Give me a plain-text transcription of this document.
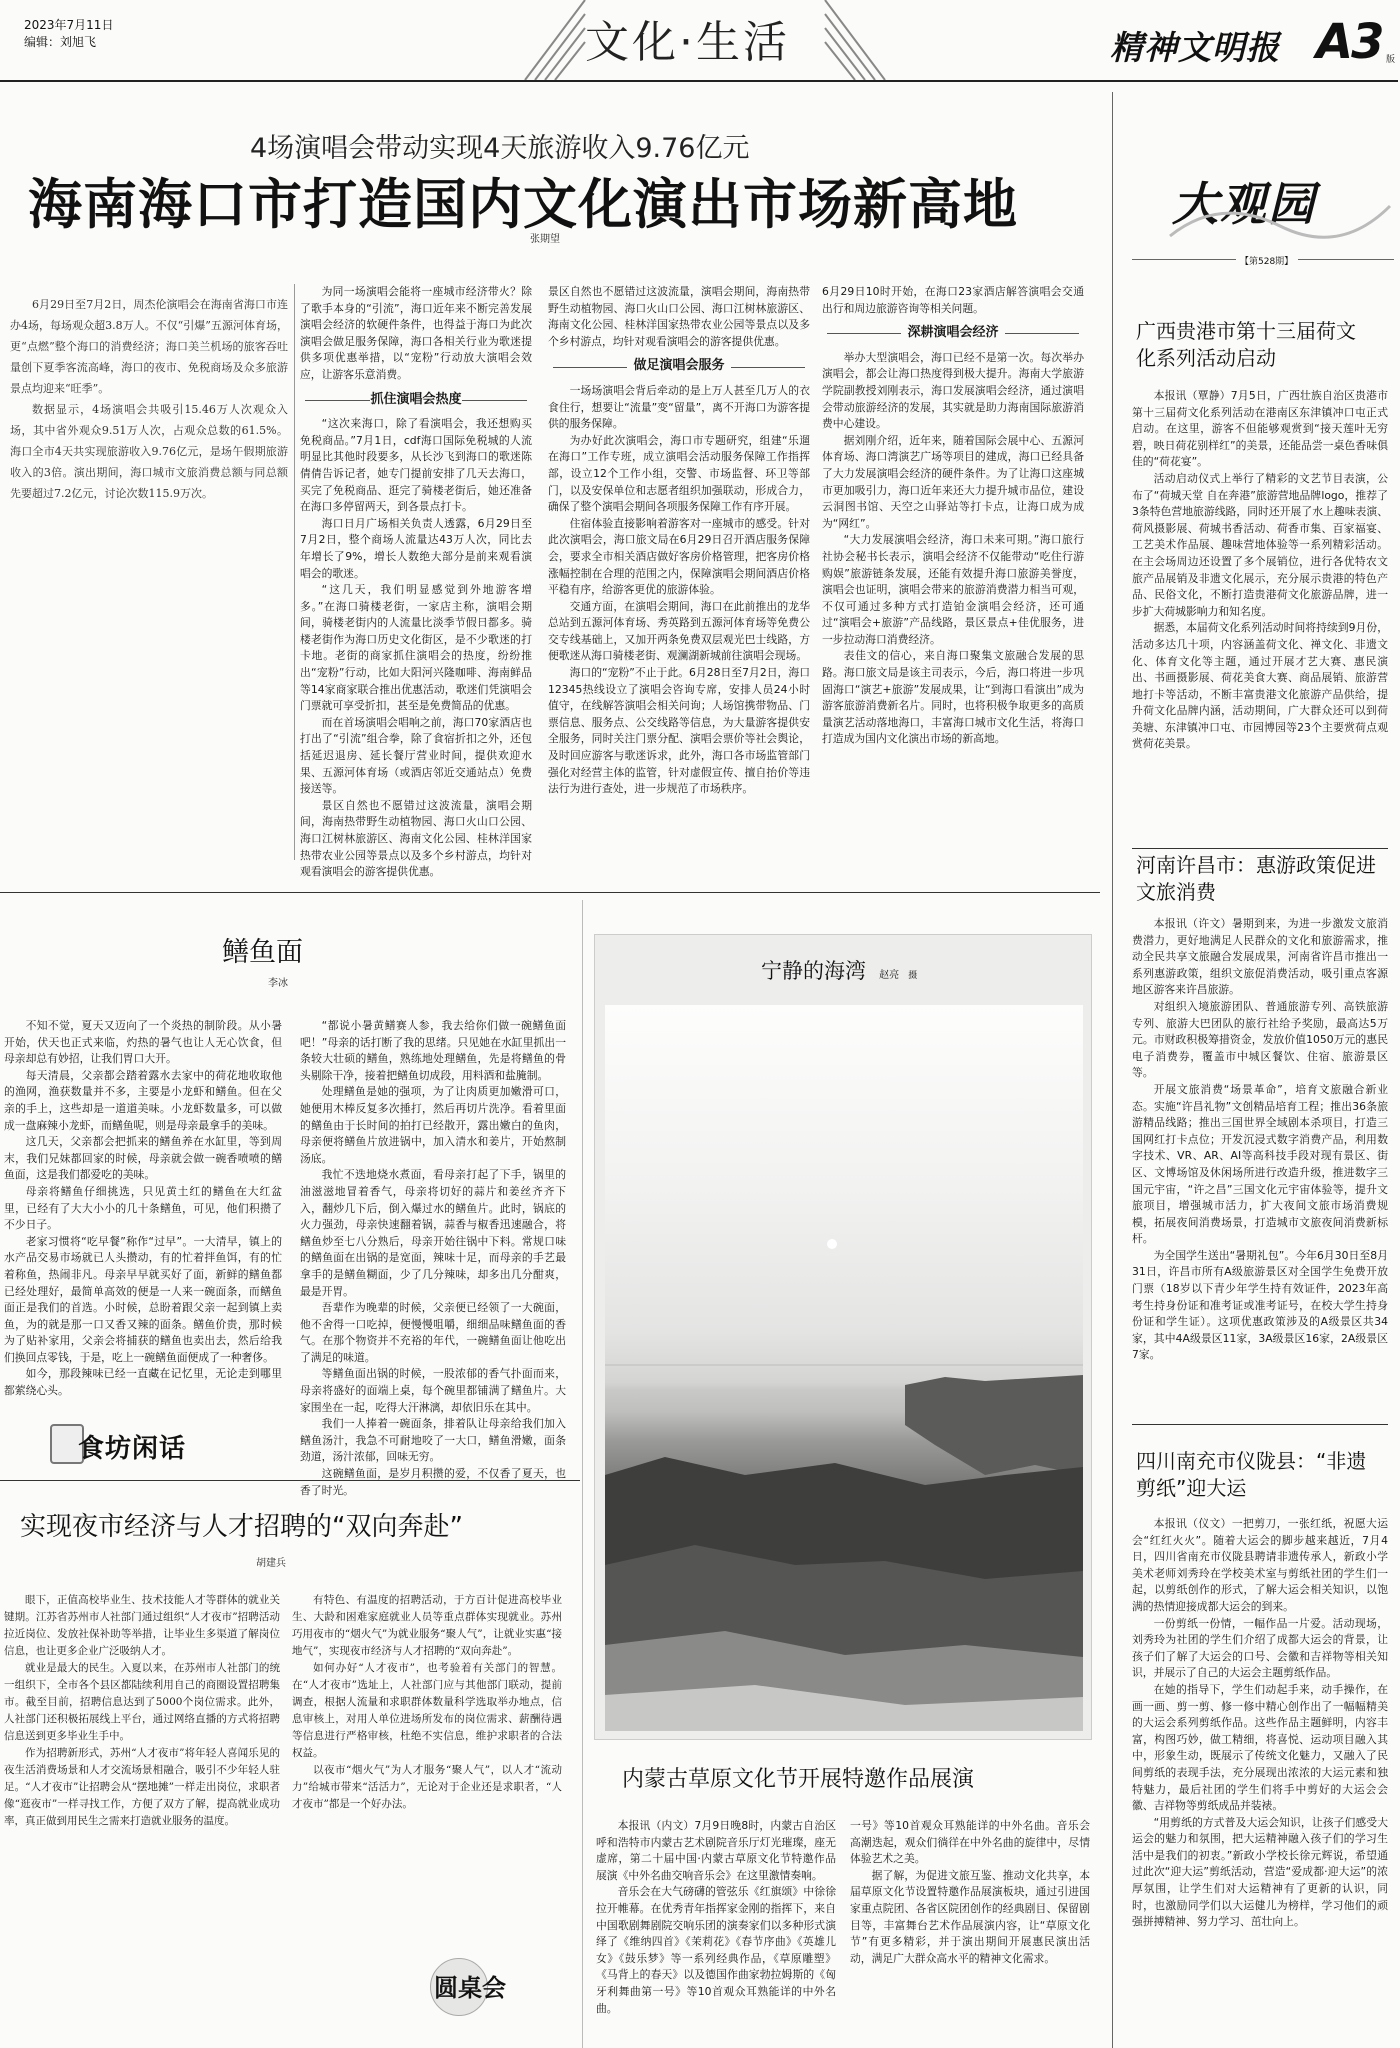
2023年7月11日
编辑：刘旭飞	文化·生活	精神文明报 A3 版
4场演唱会带动实现4天旅游收入9.76亿元
海南海口市打造国内文化演出市场新高地
张期望

6月29日至7月2日，周杰伦演唱会在海南省海口市连办4场，每场观众超3.8万人。不仅“引爆”五源河体育场，更“点燃”整个海口的消费经济；海口美兰机场的旅客吞吐量创下夏季客流高峰，海口的夜市、免税商场及众多旅游景点均迎来“旺季”。

数据显示，4场演唱会共吸引15.46万人次观众入场，其中省外观众9.51万人次，占观众总数的61.5%。海口全市4天共实现旅游收入9.76亿元，是场午假期旅游收入的3倍。演出期间，海口城市文旅消费总额与同总额先要超过7.2亿元，讨论次数115.9万次。

为同一场演唱会能将一座城市经济带火？除了歌手本身的“引流”，海口近年来不断完善发展演唱会经济的软硬件条件，也得益于海口为此次演唱会做足服务保障，海口各相关行业为歌迷提供多项优惠举措，以“宠粉”行动放大演唱会效应，让游客乐意消费。

抓住演唱会热度

“这次来海口，除了看演唱会，我还想购买免税商品。”7月1日，cdf海口国际免税城的人流明显比其他时段要多，从长沙飞到海口的歌迷陈倩倩告诉记者，她专门提前安排了几天去海口，买完了免税商品、逛完了骑楼老街后，她还准备在海口多停留两天，到各景点打卡。

海口日月广场相关负责人透露，6月29日至7月2日，整个商场人流量达43万人次，同比去年增长了9%，增长人数绝大部分是前来观看演唱会的歌迷。

“这几天，我们明显感觉到外地游客增多。”在海口骑楼老街，一家店主称，演唱会期间，骑楼老街内的人流量比淡季节假日都多。骑楼老街作为海口历史文化街区，是不少歌迷的打卡地。老街的商家抓住演唱会的热度，纷纷推出“宠粉”行动，比如大阳河兴隆咖啡、海南鲜品等14家商家联合推出优惠活动，歌迷们凭演唱会门票就可享受折扣，甚至是免费简品的优惠。

而在首场演唱会唱响之前，海口70家酒店也打出了“引流”组合拳，除了食宿折扣之外，还包括延迟退房、延长餐厅营业时间，提供欢迎水果、五源河体育场（或酒店邻近交通站点）免费接送等。

景区自然也不愿错过这波流量，演唱会期间，海南热带野生动植物园、海口火山口公园、海口江树林旅游区、海南文化公园、桂林洋国家热带农业公园等景点以及多个乡村游点，均针对观看演唱会的游客提供优惠。

景区自然也不愿错过这波流量，演唱会期间，海南热带野生动植物园、海口火山口公园、海口江树林旅游区、海南文化公园、桂林洋国家热带农业公园等景点以及多个乡村游点，均针对观看演唱会的游客提供优惠。

做足演唱会服务

一场场演唱会背后牵动的是上万人甚至几万人的衣食住行，想要让“流量”变“留量”，离不开海口为游客提供的服务保障。

为办好此次演唱会，海口市专题研究，组建“乐遛在海口”工作专班，成立演唱会活动服务保障工作指挥部，设立12个工作小组，交警、市场监督、环卫等部门，以及安保单位和志愿者组织加强联动，形成合力，确保了整个演唱会期间各项服务保障工作有序开展。

住宿体验直接影响着游客对一座城市的感受。针对此次演唱会，海口旅文局在6月29日召开酒店服务保障会，要求全市相关酒店做好客房价格管理，把客房价格涨幅控制在合理的范围之内，保障演唱会期间酒店价格平稳有序，给游客更优的旅游体验。

交通方面，在演唱会期间，海口在此前推出的龙华总站到五源河体育场、秀英路到五源河体育场等免费公交专线基础上，又加开两条免费双层观光巴士线路，方便歌迷从海口骑楼老街、观澜湖新城前往演唱会现场。

海口的“宠粉”不止于此。6月28日至7月2日，海口12345热线设立了演唱会咨询专席，安排人员24小时值守，在线解答演唱会相关问询；人场馆携带物品、门票信息、服务点、公交线路等信息，为大量游客提供安全服务，同时关注门票分配、演唱会票价等社会舆论，及时回应游客与歌迷诉求，此外，海口各市场监管部门强化对经营主体的监管，针对虚假宣传、擅自抬价等违法行为进行查处，进一步规范了市场秩序。

6月29日10时开始，在海口23家酒店解答演唱会交通出行和周边旅游咨询等相关问题。

深耕演唱会经济

举办大型演唱会，海口已经不是第一次。每次举办演唱会，都会让海口热度得到极大提升。海南大学旅游学院副教授刘刚表示，海口发展演唱会经济，通过演唱会带动旅游经济的发展，其实就是助力海南国际旅游消费中心建设。

据刘刚介绍，近年来，随着国际会展中心、五源河体育场、海口湾演艺广场等项目的建成，海口已经具备了大力发展演唱会经济的硬件条件。为了让海口这座城市更加吸引力，海口近年来还大力提升城市品位，建设云洞图书馆、天空之山驿站等打卡点，让海口成为成为“网红”。

“大力发展演唱会经济，海口未来可期。”海口旅行社协会秘书长表示，演唱会经济不仅能带动“吃住行游购娱”旅游链条发展，还能有效提升海口旅游美誉度，演唱会也证明，演唱会带来的旅游消费潜力相当可观，不仅可通过多种方式打造铂金演唱会经济，还可通过“演唱会+旅游”产品线路，景区景点+佳优服务，进一步拉动海口消费经济。

表佳文的信心，来自海口聚集文旅融合发展的思路。海口旅文局是该主司表示，今后，海口将进一步巩固海口“演艺+旅游”发展成果，让“到海口看演出”成为游客旅游消费新名片。同时，也将积极争取更多的高质量演艺活动落地海口，丰富海口城市文化生活，将海口打造成为国内文化演出市场的新高地。

大观园
【第528期】
广西贵港市第十三届荷文化系列活动启动

本报讯（覃静）7月5日，广西壮族自治区贵港市第十三届荷文化系列活动在港南区东津镇冲口屯正式启动。在这里，游客不但能够观赏到“接天莲叶无穷碧，映日荷花别样红”的美景，还能品尝一桌色香味俱佳的“荷花宴”。

活动启动仪式上举行了精彩的文艺节目表演，公布了“荷城天堂 自在奔港”旅游营地品牌logo，推荐了3条特色营地旅游线路，同时还开展了水上趣味表演、荷风摄影展、荷城书香活动、荷香市集、百家福宴、工艺美术作品展、趣味营地体验等一系列精彩活动。在主会场周边还设置了多个展销位，进行各优特农文旅产品展销及非遗文化展示，充分展示贵港的特色产品、民俗文化，不断打造贵港荷文化旅游品牌，进一步扩大荷城影响力和知名度。

据悉，本届荷文化系列活动时间将持续到9月份，活动多达几十项，内容涵盖荷文化、禅文化、非遗文化、体育文化等主题，通过开展才艺大赛、惠民演出、书画摄影展、荷花美食大赛、商品展销、旅游营地打卡等活动，不断丰富贵港文化旅游产品供给，提升荷文化品牌内涵，活动期间，广大群众还可以到荷美塘、东津镇冲口屯、市园博园等23个主要赏荷点观赏荷花美景。

河南许昌市：惠游政策促进文旅消费

本报讯（许文）暑期到来，为进一步激发文旅消费潜力，更好地满足人民群众的文化和旅游需求，推动全民共享文旅融合发展成果，河南省许昌市推出一系列惠游政策，组织文旅促消费活动，吸引重点客源地区游客来许昌旅游。

对组织入境旅游团队、普通旅游专列、高铁旅游专列、旅游大巴团队的旅行社给予奖励，最高达5万元。市财政积极筹措资金，发放价值1050万元的惠民电子消费券，覆盖市中城区餐饮、住宿、旅游景区等。

开展文旅消费“场景革命”，培育文旅融合新业态。实施“许昌礼物”文创精品培育工程；推出36条旅游精品线路；推出三国世界全域剧本杀项目，打造三国网红打卡点位；开发沉浸式数字消费产品，利用数字技术、VR、AR、AI等高科技手段对现有景区、街区、文博场馆及休闲场所进行改造升级，推进数字三国元宇宙，“许之昌”三国文化元宇宙体验等，提升文旅项目，增强城市活力，扩大夜间文旅市场消费规模，拓展夜间消费场景，打造城市文旅夜间消费新标杆。

为全国学生送出“暑期礼包”。今年6月30日至8月31日，许昌市所有A级旅游景区对全国学生免费开放门票（18岁以下青少年学生持有效证件，2023年高考生持身份证和准考证或准考证号，在校大学生持身份证和学生证）。这项优惠政策涉及的A级景区共34家，其中4A级景区11家，3A级景区16家，2A级景区7家。

四川南充市仪陇县：“非遗剪纸”迎大运

本报讯（仪文）一把剪刀，一张红纸，祝愿大运会“红红火火”。随着大运会的脚步越来越近，7月4日，四川省南充市仪陇县聘请非遗传承人，新政小学美术老师刘秀玲在学校美术室与剪纸社团的学生们一起，以剪纸创作的形式，了解大运会相关知识，以饱满的热情迎接成都大运会的到来。

一份剪纸一份情，一幅作品一片爱。活动现场，刘秀玲为社团的学生们介绍了成都大运会的背景，让孩子们了解了大运会的口号、会徽和吉祥物等相关知识，并展示了自己的大运会主题剪纸作品。

在她的指导下，学生们动起手来，动手操作，在画一画、剪一剪、修一修中精心创作出了一幅幅精美的大运会系列剪纸作品。这些作品主题鲜明，内容丰富，构图巧妙，做工精细，将喜悦、运动项目融入其中，形象生动，既展示了传统文化魅力，又融入了民间剪纸的表现手法，充分展现出浓浓的大运元素和独特魅力，最后社团的学生们将手中剪好的大运会会徽、吉祥物等剪纸成品并装裱。

“用剪纸的方式普及大运会知识，让孩子们感受大运会的魅力和氛围，把大运精神融入孩子们的学习生活中是我们的初衷。”新政小学校长徐元辉说，希望通过此次“迎大运”剪纸活动，营造“爱成都·迎大运”的浓厚氛围，让学生们对大运精神有了更新的认识，同时，也激励同学们以大运健儿为榜样，学习他们的顽强拼搏精神、努力学习、茁壮向上。

鳝鱼面
李冰

不知不觉，夏天又迈向了一个炎热的制阶段。从小暑开始，伏天也正式来临，灼热的暑气也让人无心饮食，但母亲却总有妙招，让我们胃口大开。

每天清晨，父亲都会踏着露水去家中的荷花地收取他的渔网，渔获数量并不多，主要是小龙虾和鳝鱼。但在父亲的手上，这些却是一道道美味。小龙虾数量多，可以做成一盘麻辣小龙虾，而鳝鱼呢，则是母亲最拿手的美味。

这几天，父亲都会把抓来的鳝鱼养在水缸里，等到周末，我们兄妹都回家的时候，母亲就会做一碗香喷喷的鳝鱼面，这是我们都爱吃的美味。

母亲将鳝鱼仔细挑选，只见黄土红的鳝鱼在大红盆里，已经有了大大小小的几十条鳝鱼，可见，他们积攒了不少日子。

老家习惯将“吃早餐”称作“过早”。一大清早，镇上的水产品交易市场就已人头攒动，有的忙着拌鱼饵，有的忙着称鱼，热闹非凡。母亲早早就买好了面，新鲜的鳝鱼都已经处理好，最简单高效的便是一人来一碗面条，而鳝鱼面正是我们的首选。小时候，总盼着跟父亲一起到镇上卖鱼，为的就是那一口又香又辣的面条。鳝鱼价贵，那时候为了贴补家用，父亲会将捕获的鳝鱼也卖出去，然后给我们换回点零钱，于是，吃上一碗鳝鱼面便成了一种奢侈。

如今，那段辣味已经一直藏在记忆里，无论走到哪里都萦绕心头。

“都说小暑黄鳝赛人参，我去给你们做一碗鳝鱼面吧！”母亲的话打断了我的思绪。只见她在水缸里抓出一条较大壮硕的鳝鱼，熟练地处理鳝鱼，先是将鳝鱼的骨头剔除干净，接着把鳝鱼切成段，用料酒和盐腌制。

处理鳝鱼是她的强项，为了让肉质更加嫩滑可口，她便用木棒反复多次捶打，然后再切片洗净。看着里面的鳝鱼由于长时间的拍打已经散开，露出嫩白的鱼肉，母亲便将鳝鱼片放进锅中，加入清水和姜片，开始熬制汤底。

我忙不迭地烧水煮面，看母亲打起了下手，锅里的油滋滋地冒着香气，母亲将切好的蒜片和姜丝齐齐下入，翻炒几下后，倒入爆过水的鳝鱼片。此时，锅底的火力强劲，母亲快速翻着锅，蒜香与椒香迅速融合，将鳝鱼炒至七八分熟后，母亲开始往锅中下料。常规口味的鳝鱼面在出锅的是宽面，辣味十足，而母亲的手艺最拿手的是鳝鱼糊面，少了几分辣味，却多出几分酣爽，最是开胃。

吾辈作为晚辈的时候，父亲便已经领了一大碗面，他不舍得一口吃掉，便慢慢咀嚼，细细品味鳝鱼面的香气。在那个物资并不充裕的年代，一碗鳝鱼面让他吃出了满足的味道。

等鳝鱼面出锅的时候，一股浓郁的香气扑面而来，母亲将盛好的面端上桌，每个碗里都铺满了鳝鱼片。大家围坐在一起，吃得大汗淋漓，却依旧乐在其中。

我们一人捧着一碗面条，排着队让母亲给我们加入鳝鱼汤汁，我急不可耐地咬了一大口，鳝鱼滑嫩，面条劲道，汤汁浓郁，回味无穷。

这碗鳝鱼面，是岁月积攒的爱，不仅香了夏天，也香了时光。

食坊闲话
实现夜市经济与人才招聘的“双向奔赴”
胡建兵

眼下，正值高校毕业生、技术技能人才等群体的就业关键期。江苏省苏州市人社部门通过组织“人才夜市”招聘活动拉近岗位、发放社保补助等举措，让毕业生多渠道了解岗位信息，也让更多企业广泛吸纳人才。

就业是最大的民生。入夏以来，在苏州市人社部门的统一组织下，全市各个县区都陆续利用自己的商圈设置招聘集市。截至目前，招聘信息达到了5000个岗位需求。此外，人社部门还积极拓展线上平台，通过网络直播的方式将招聘信息送到更多毕业生手中。

作为招聘新形式，苏州“人才夜市”将年轻人喜闻乐见的夜生活消费场景和人才交流场景相融合，吸引不少年轻人驻足。“人才夜市”让招聘会从“摆地摊”一样走出岗位，求职者像“逛夜市”一样寻找工作，方便了双方了解，提高就业成功率，真正做到用民生之需来打造就业服务的温度。

有特色、有温度的招聘活动，于方百计促进高校毕业生、大龄和困难家庭就业人员等重点群体实现就业。苏州巧用夜市的“烟火气”为就业服务“聚人气”，让就业实惠“接地气”，实现夜市经济与人才招聘的“双向奔赴”。

如何办好“人才夜市”，也考验着有关部门的智慧。在“人才夜市”选址上，人社部门应与其他部门联动，提前调查，根据人流量和求职群体数量科学选取举办地点，信息审核上，对用人单位进场所发布的岗位需求、薪酬待遇等信息进行严格审核，杜绝不实信息，维护求职者的合法权益。

以夜市“烟火气”为人才服务“聚人气”，以人才“流动力”给城市带来“活活力”，无论对于企业还是求职者，“人才夜市”都是一个好办法。

圆桌会
宁静的海湾 赵亮 摄
内蒙古草原文化节开展特邀作品展演

本报讯（内文）7月9日晚8时，内蒙古自治区呼和浩特市内蒙古艺术剧院音乐厅灯光璀璨，座无虚席，第二十届中国·内蒙古草原文化节特邀作品展演《中外名曲交响音乐会》在这里激情奏响。

音乐会在大气磅礴的管弦乐《红旗颂》中徐徐拉开帷幕。在优秀青年指挥家金刚的指挥下，来自中国歌剧舞剧院交响乐团的演奏家们以多种形式演绎了《维纳四首》《茉莉花》《春节序曲》《英雄儿女》《鼓乐梦》等一系列经典作品，《草原雕塑》《马背上的春天》以及德国作曲家勃拉姆斯的《匈牙利舞曲第一号》等10首观众耳熟能详的中外名曲。

一号》等10首观众耳熟能详的中外名曲。音乐会高潮迭起，观众们徜徉在中外名曲的旋律中，尽情体验艺术之美。

据了解，为促进文旅互鉴、推动文化共享，本届草原文化节设置特邀作品展演板块，通过引进国家重点院团、各省区院团创作的经典剧目、保留剧目等，丰富舞台艺术作品展演内容，让“草原文化节”有更多精彩，并于演出期间开展惠民演出活动，满足广大群众高水平的精神文化需求。
